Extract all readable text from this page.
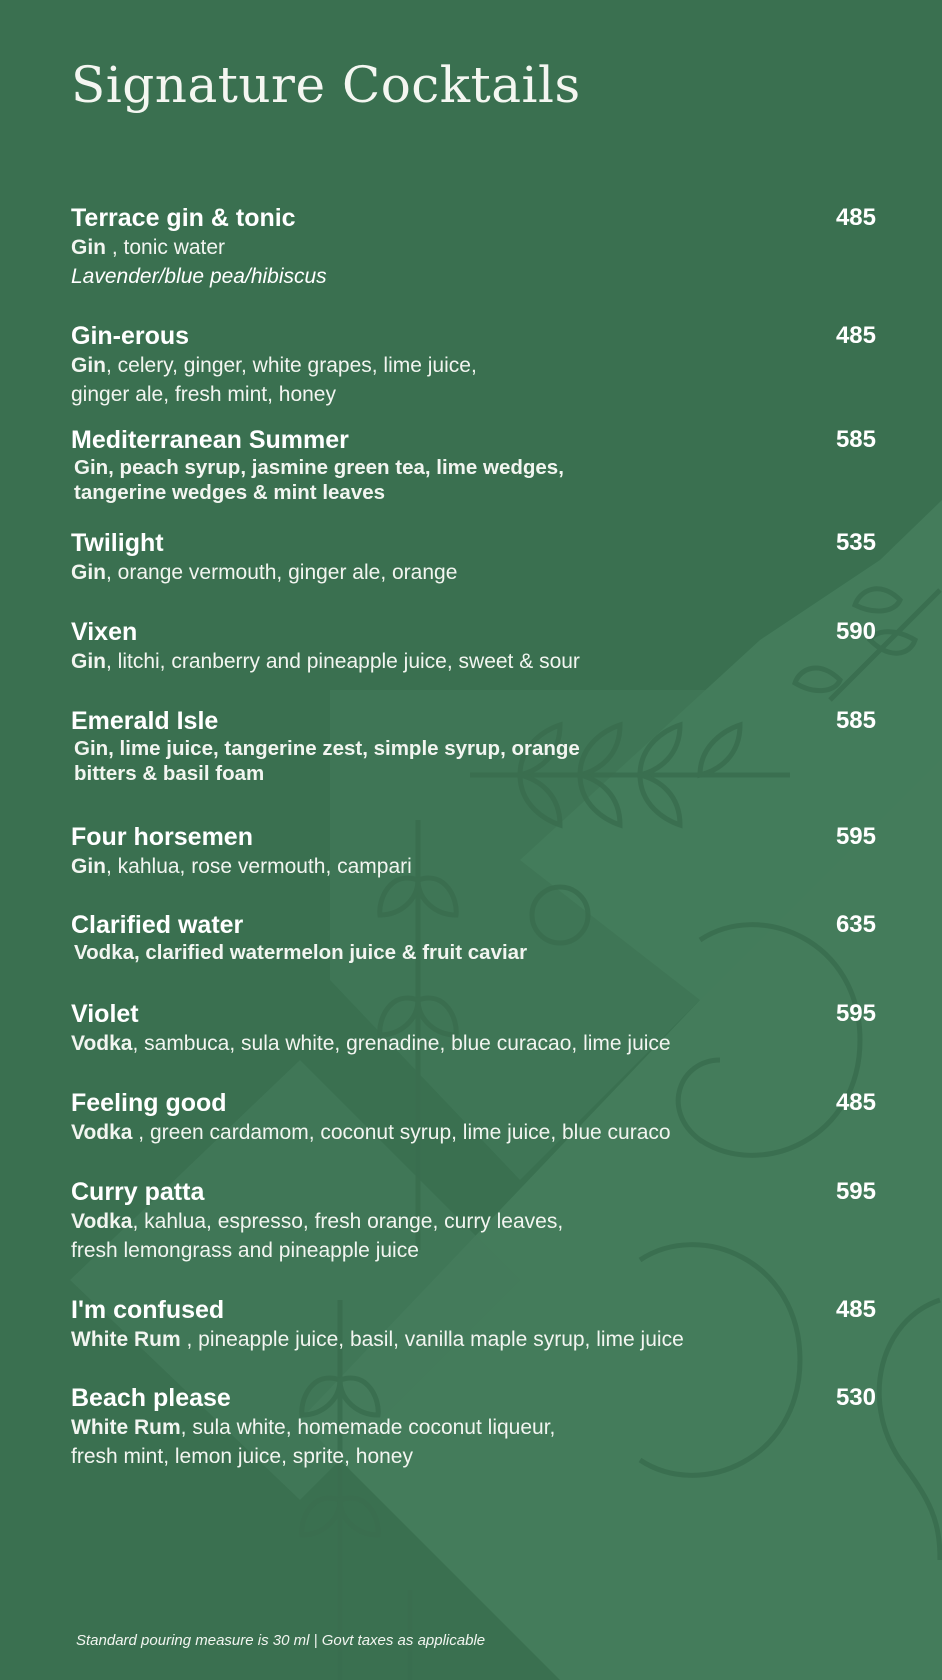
Signature Cocktails
Terrace gin & tonic	485
Gin , tonic water
Lavender/blue pea/hibiscus
Gin-erous	485
Gin, celery, ginger, white grapes, lime juice,
ginger ale, fresh mint, honey
Mediterranean Summer	585
Gin, peach syrup, jasmine green tea, lime wedges,
tangerine wedges & mint leaves
Twilight	535
Gin, orange vermouth, ginger ale, orange
Vixen	590
Gin, litchi, cranberry and pineapple juice, sweet & sour
Emerald Isle	585
Gin, lime juice, tangerine zest, simple syrup, orange
bitters & basil foam
Four horsemen	595
Gin, kahlua, rose vermouth, campari
Clarified water	635
Vodka, clarified watermelon juice & fruit caviar
Violet	595
Vodka, sambuca, sula white, grenadine, blue curacao, lime juice
Feeling good	485
Vodka , green cardamom, coconut syrup, lime juice, blue curaco
Curry patta	595
Vodka, kahlua, espresso, fresh orange, curry leaves,
fresh lemongrass and pineapple juice
I'm confused	485
White Rum , pineapple juice, basil, vanilla maple syrup, lime juice
Beach please	530
White Rum, sula white, homemade coconut liqueur,
fresh mint, lemon juice, sprite, honey
Standard pouring measure is 30 ml | Govt taxes as applicable
